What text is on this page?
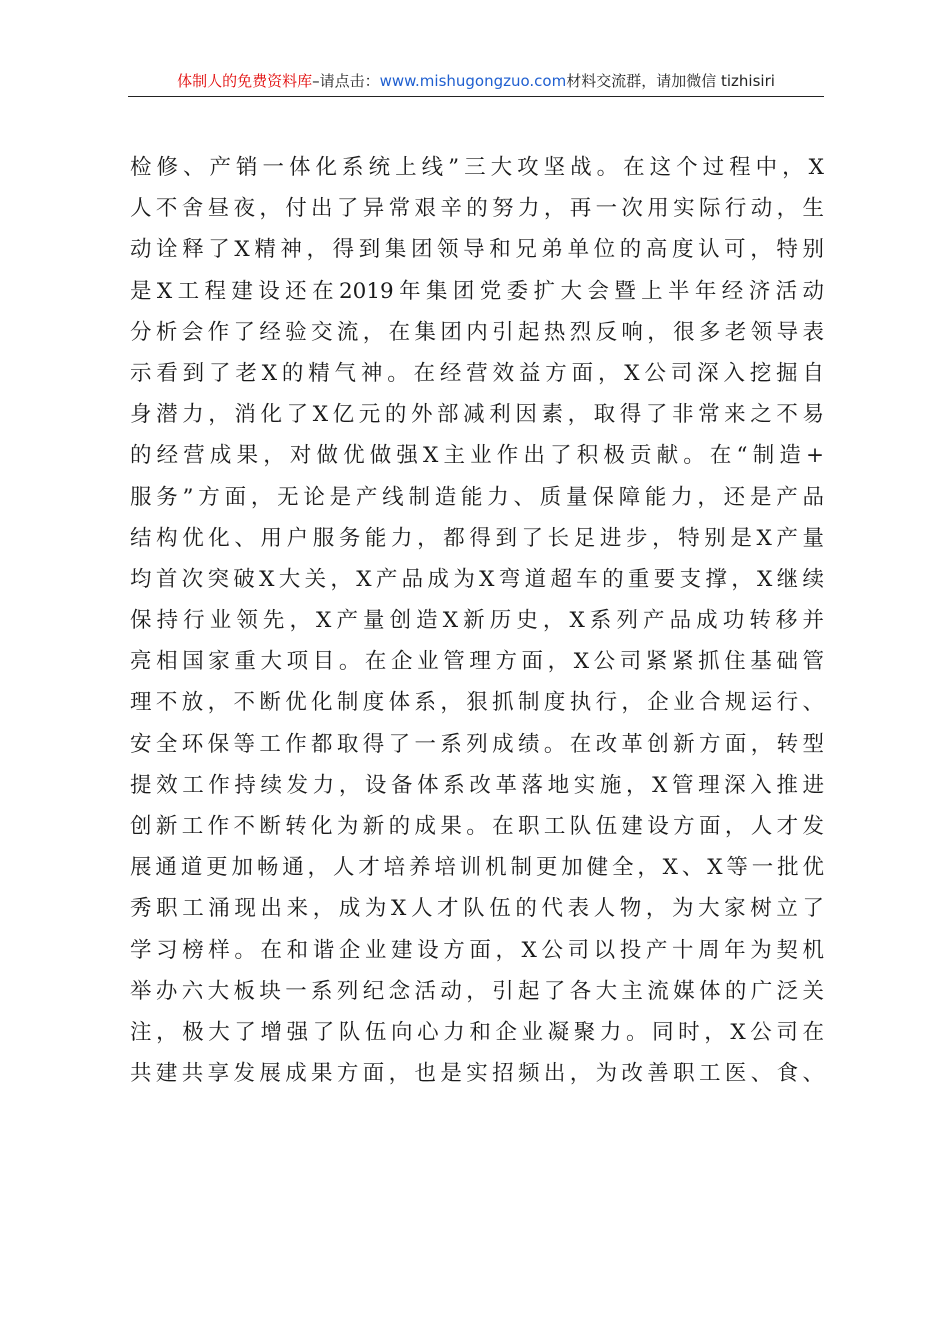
体制人的免费资料库–请点击：www.mishugongzuo.com材料交流群，请加微信 tizhisiri
检修、产销一体化系统上线”三大攻坚战。在这个过程中，X
人不舍昼夜，付出了异常艰辛的努力，再一次用实际行动，生
动诠释了X精神，得到集团领导和兄弟单位的高度认可，特别
是X工程建设还在2019年集团党委扩大会暨上半年经济活动
分析会作了经验交流，在集团内引起热烈反响，很多老领导表
示看到了老X的精气神。在经营效益方面，X公司深入挖掘自
身潜力，消化了X亿元的外部减利因素，取得了非常来之不易
的经营成果，对做优做强X主业作出了积极贡献。在“制造+
服务”方面，无论是产线制造能力、质量保障能力，还是产品
结构优化、用户服务能力，都得到了长足进步，特别是X产量
均首次突破X大关，X产品成为X弯道超车的重要支撑，X继续
保持行业领先，X产量创造X新历史，X系列产品成功转移并
亮相国家重大项目。在企业管理方面，X公司紧紧抓住基础管
理不放，不断优化制度体系，狠抓制度执行，企业合规运行、
安全环保等工作都取得了一系列成绩。在改革创新方面，转型
提效工作持续发力，设备体系改革落地实施，X管理深入推进
创新工作不断转化为新的成果。在职工队伍建设方面，人才发
展通道更加畅通，人才培养培训机制更加健全，X、X等一批优
秀职工涌现出来，成为X人才队伍的代表人物，为大家树立了
学习榜样。在和谐企业建设方面，X公司以投产十周年为契机
举办六大板块一系列纪念活动，引起了各大主流媒体的广泛关
注，极大了增强了队伍向心力和企业凝聚力。同时，X公司在
共建共享发展成果方面，也是实招频出，为改善职工医、食、
